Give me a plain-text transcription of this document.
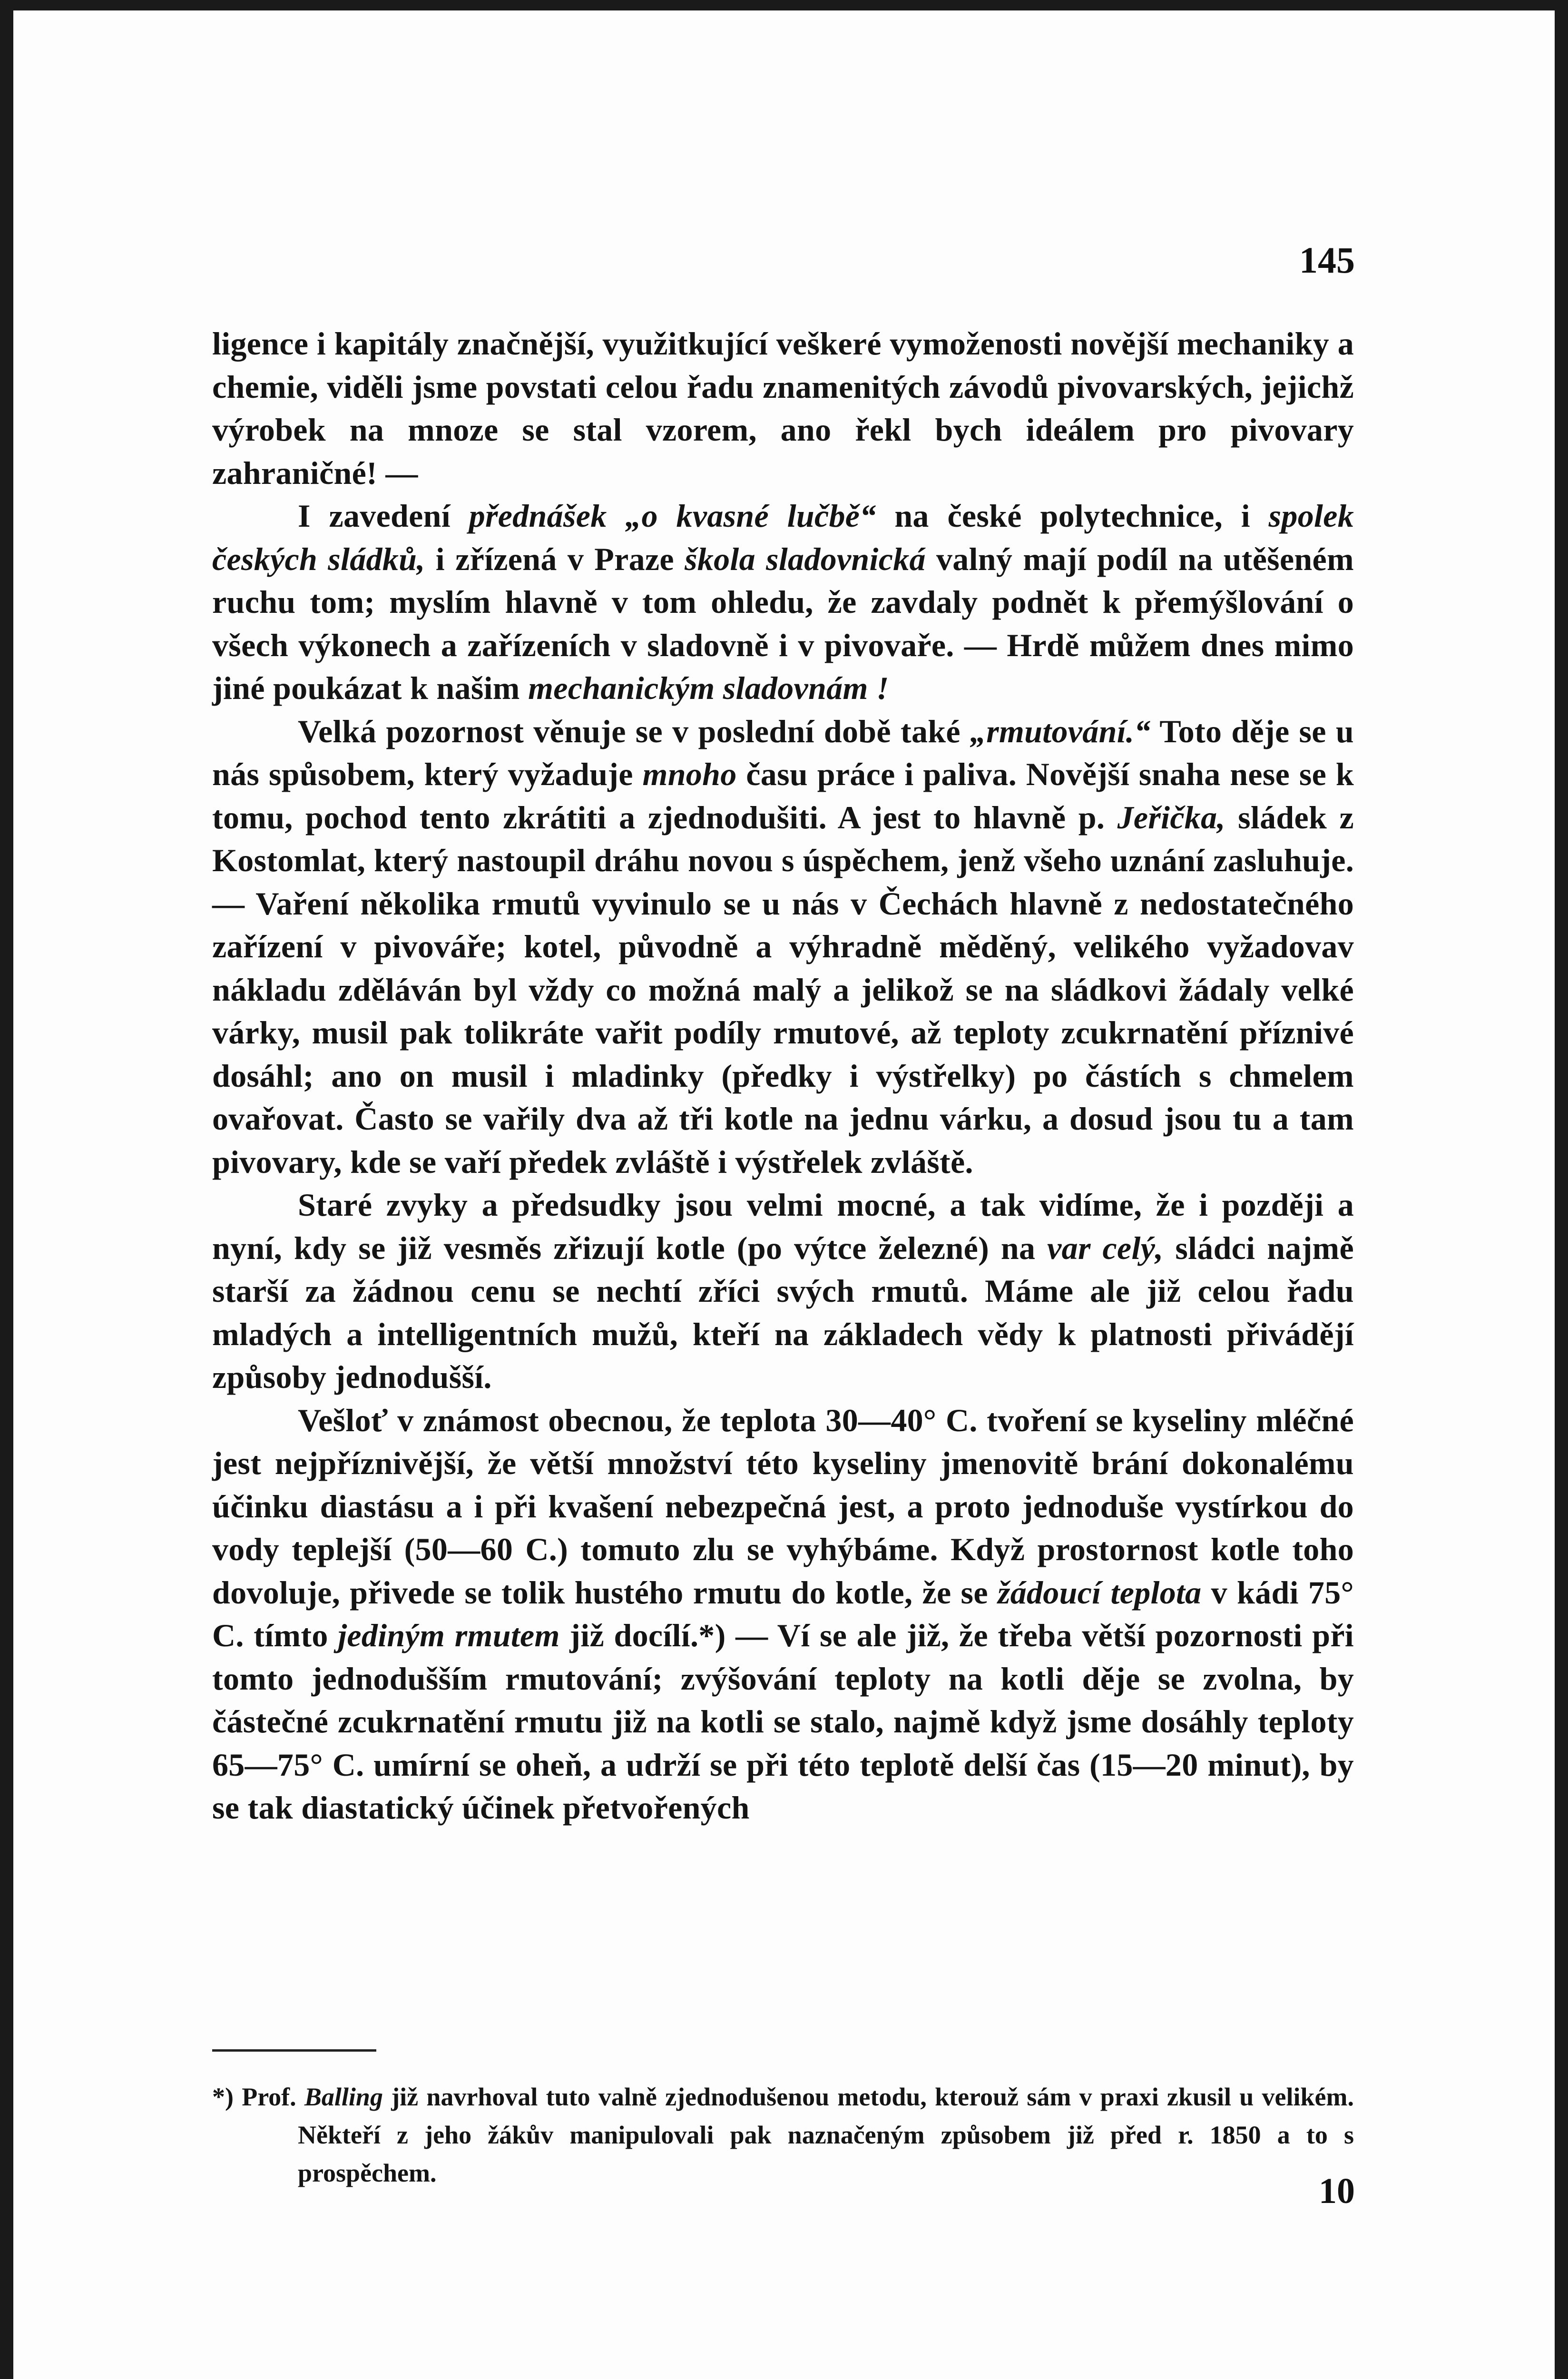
145

ligence i kapitály značnější, využitkující veškeré vymoženosti novější mechaniky a chemie, viděli jsme povstati celou řadu znamenitých závodů pivovarských, jejichž výrobek na mnoze se stal vzorem, ano řekl bych ideálem pro pivovary zahraničné! —

I zavedení přednášek „o kvasné lučbě“ na české polytechnice, i spolek českých sládků, i zřízená v Praze škola sladovnická valný mají podíl na utěšeném ruchu tom; myslím hlavně v tom ohledu, že zavdaly podnět k přemýšlování o všech výkonech a zařízeních v sladovně i v pivovaře. — Hrdě můžem dnes mimo jiné poukázat k našim mechanickým sladovnám !

Velká pozornost věnuje se v poslední době také „rmutování.“ Toto děje se u nás spůsobem, který vyžaduje mnoho času práce i paliva. Novější snaha nese se k tomu, pochod tento zkrátiti a zjednodušiti. A jest to hlavně p. Jeřička, sládek z Kostomlat, který nastoupil dráhu novou s úspěchem, jenž všeho uznání zasluhuje. — Vaření několika rmutů vyvinulo se u nás v Čechách hlavně z nedostatečného zařízení v pivováře; kotel, původně a výhradně měděný, velikého vyžadovav nákladu zděláván byl vždy co možná malý a jelikož se na sládkovi žádaly velké várky, musil pak tolikráte vařit podíly rmutové, až teploty zcukrnatění příznivé dosáhl; ano on musil i mladinky (předky i výstřelky) po částích s chmelem ovařovat. Často se vařily dva až tři kotle na jednu várku, a dosud jsou tu a tam pivovary, kde se vaří předek zvláště i výstřelek zvláště.

Staré zvyky a předsudky jsou velmi mocné, a tak vidíme, že i později a nyní, kdy se již vesměs zřizují kotle (po výtce železné) na var celý, sládci najmě starší za žádnou cenu se nechtí zříci svých rmutů. Máme ale již celou řadu mladých a intelligentních mužů, kteří na základech vědy k platnosti přivádějí způsoby jednodušší.

Vešloť v známost obecnou, že teplota 30—40° C. tvoření se kyseliny mléčné jest nejpříznivější, že větší množství této kyseliny jmenovitě brání dokonalému účinku diastásu a i při kvašení nebezpečná jest, a proto jednoduše vystírkou do vody teplejší (50—60 C.) tomuto zlu se vyhýbáme. Když prostornost kotle toho dovoluje, přivede se tolik hustého rmutu do kotle, že se žádoucí teplota v kádi 75° C. tímto jediným rmutem již docílí.*) — Ví se ale již, že třeba větší pozornosti při tomto jednodušším rmutování; zvýšování teploty na kotli děje se zvolna, by částečné zcukrnatění rmutu již na kotli se stalo, najmě když jsme dosáhly teploty 65—75° C. umírní se oheň, a udrží se při této teplotě delší čas (15—20 minut), by se tak diastatický účinek přetvořených

*) Prof. Balling již navrhoval tuto valně zjednodušenou metodu, kterouž sám v praxi zkusil u velikém. Někteří z jeho žákův manipulovali pak naznačeným způsobem již před r. 1850 a to s prospěchem.	10
